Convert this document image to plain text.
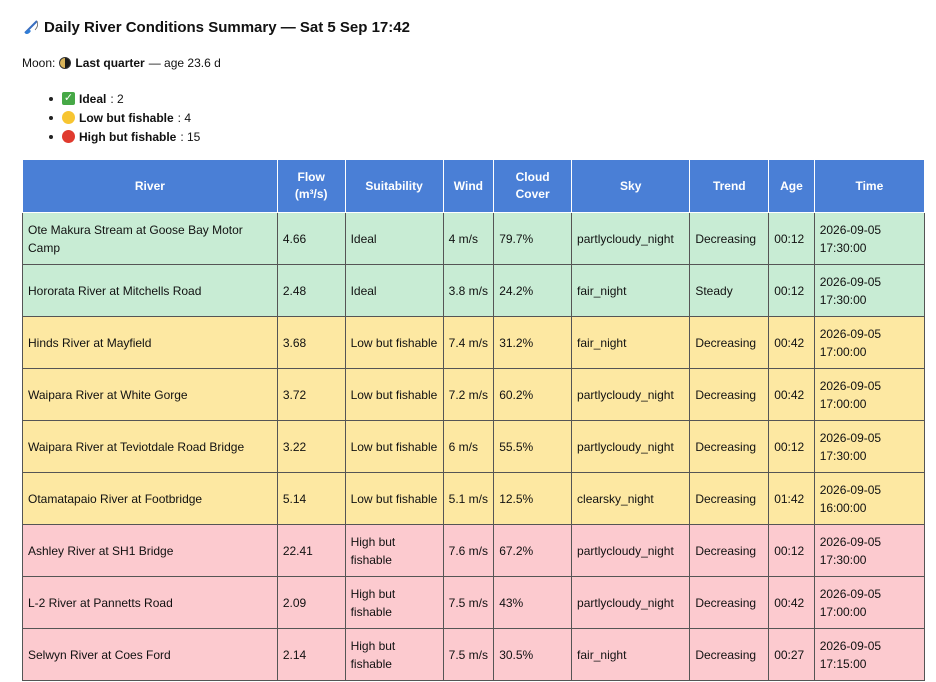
Daily River Conditions Summary — Sat 5 Sep 17:42
Moon: Last quarter — age 23.6 d
✓ Ideal : 2
Low but fishable : 4
High but fishable : 15
River	Flow (m³/s)	Suitability	Wind	Cloud Cover	Sky	Trend	Age	Time
Ote Makura Stream at Goose Bay Motor Camp	4.66	Ideal	4 m/s	79.7%	partlycloudy_night	Decreasing	00:12	2026-09-05 17:30:00
Hororata River at Mitchells Road	2.48	Ideal	3.8 m/s	24.2%	fair_night	Steady	00:12	2026-09-05 17:30:00
Hinds River at Mayfield	3.68	Low but fishable	7.4 m/s	31.2%	fair_night	Decreasing	00:42	2026-09-05 17:00:00
Waipara River at White Gorge	3.72	Low but fishable	7.2 m/s	60.2%	partlycloudy_night	Decreasing	00:42	2026-09-05 17:00:00
Waipara River at Teviotdale Road Bridge	3.22	Low but fishable	6 m/s	55.5%	partlycloudy_night	Decreasing	00:12	2026-09-05 17:30:00
Otamatapaio River at Footbridge	5.14	Low but fishable	5.1 m/s	12.5%	clearsky_night	Decreasing	01:42	2026-09-05 16:00:00
Ashley River at SH1 Bridge	22.41	High but fishable	7.6 m/s	67.2%	partlycloudy_night	Decreasing	00:12	2026-09-05 17:30:00
L-2 River at Pannetts Road	2.09	High but fishable	7.5 m/s	43%	partlycloudy_night	Decreasing	00:42	2026-09-05 17:00:00
Selwyn River at Coes Ford	2.14	High but fishable	7.5 m/s	30.5%	fair_night	Decreasing	00:27	2026-09-05 17:15:00
